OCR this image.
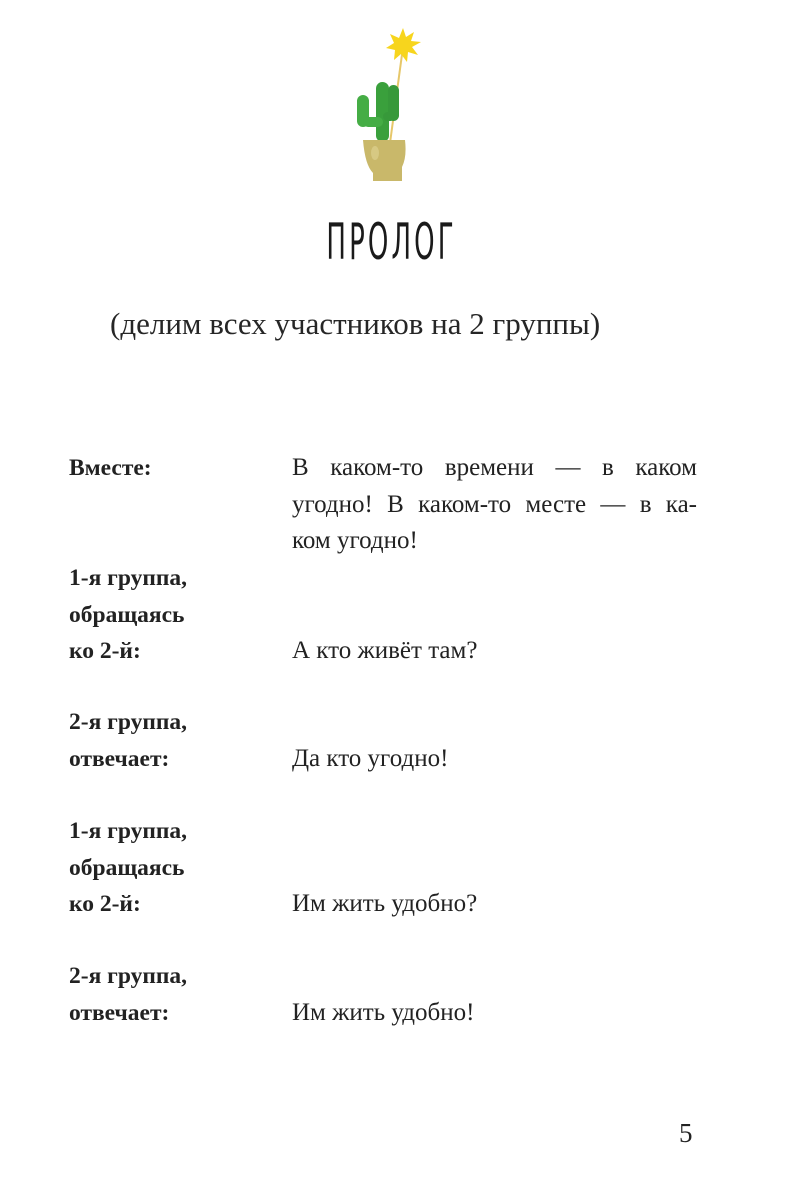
ПРОЛОГ
(делим всех участников на 2 группы)
Вместе:	В каком-то времени — в каком
угодно! В каком-то месте — в ка-
ком угодно!
1-я группа,
обращаясь
ко 2-й:	А кто живёт там?
2-я группа,
отвечает:	Да кто угодно!
1-я группа,
обращаясь
ко 2-й:	Им жить удобно?
2-я группа,
отвечает:	Им жить удобно!
5
